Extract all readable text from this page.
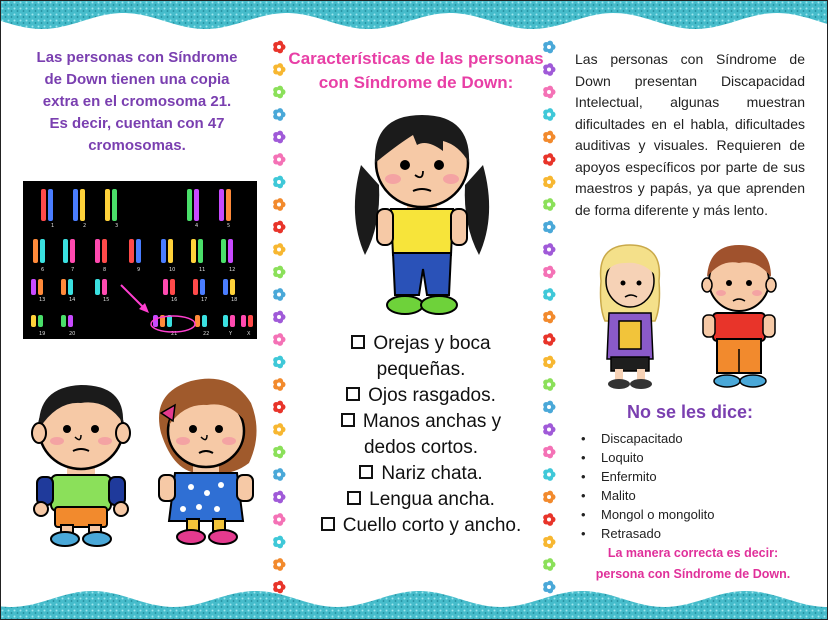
Las personas con Síndrome
de Down tienen una copia
extra en el cromosoma 21.
Es decir, cuentan con 47
cromosomas.
1	2	3	4	5
6	7	8	9	10	11	12
13	14	15	16	17	18
19	20	21	22	Y	X
Características de las personas
con Síndrome de Down:
Orejas y boca
pequeñas.
Ojos rasgados.
Manos anchas y
dedos cortos.
Nariz chata.
Lengua ancha.
Cuello corto y ancho.

Las personas con Síndrome de Down presentan Discapacidad Intelectual, algunas muestran dificultades en el habla, dificultades auditivas y visuales. Requieren de apoyos específicos por parte de sus maestros y papás, ya que aprenden de forma diferente y más lento.

No se les dice:
• Discapacitado
• Loquito
• Enfermito
• Malito
• Mongol o mongolito
• Retrasado
La manera correcta es decir:
persona con Síndrome de Down.
